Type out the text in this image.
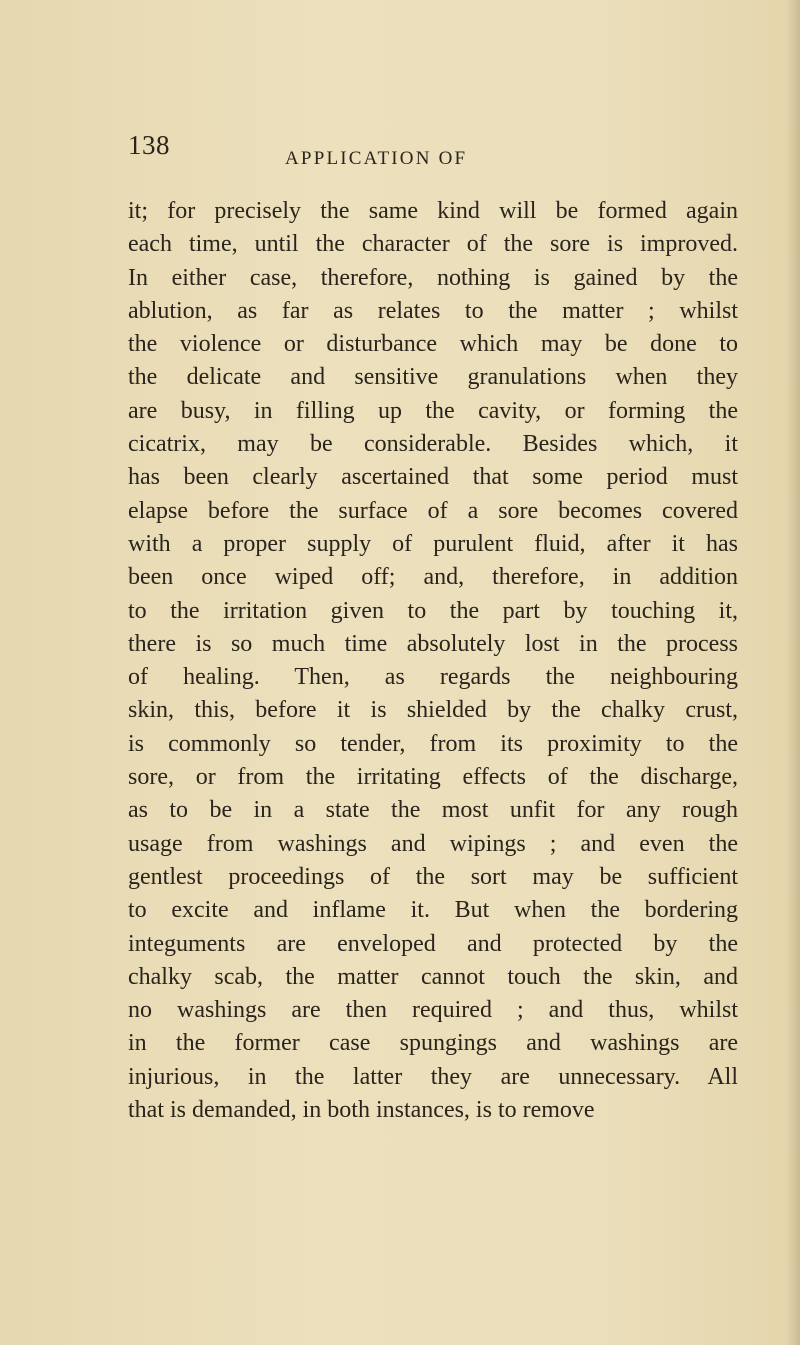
138	APPLICATION OF
it; for precisely the same kind will be formed again
each time, until the character of the sore is improved.
In either case, therefore, nothing is gained by the
ablution, as far as relates to the matter ; whilst
the violence or disturbance which may be done to
the delicate and sensitive granulations when they
are busy, in filling up the cavity, or forming the
cicatrix, may be considerable. Besides which, it
has been clearly ascertained that some period must
elapse before the surface of a sore becomes covered
with a proper supply of purulent fluid, after it has
been once wiped off; and, therefore, in addition
to the irritation given to the part by touching it,
there is so much time absolutely lost in the process
of healing. Then, as regards the neighbouring
skin, this, before it is shielded by the chalky crust,
is commonly so tender, from its proximity to the
sore, or from the irritating effects of the discharge,
as to be in a state the most unfit for any rough
usage from washings and wipings ; and even the
gentlest proceedings of the sort may be sufficient
to excite and inflame it. But when the bordering
integuments are enveloped and protected by the
chalky scab, the matter cannot touch the skin, and
no washings are then required ; and thus, whilst
in the former case spungings and washings are
injurious, in the latter they are unnecessary. All
that is demanded, in both instances, is to remove
